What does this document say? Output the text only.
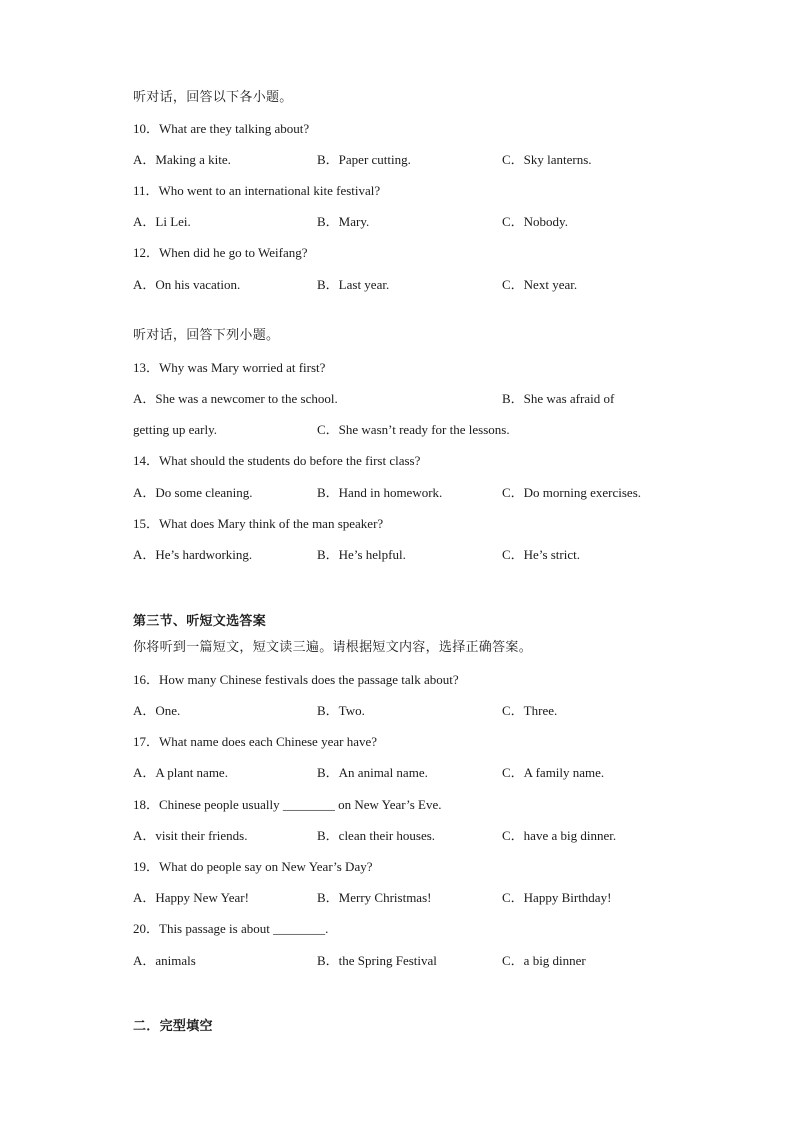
听对话，回答以下各小题。
10．What are they talking about?
A．Making a kite.	B．Paper cutting.	C．Sky lanterns.
11．Who went to an international kite festival?
A．Li Lei.	B．Mary.	C．Nobody.
12．When did he go to Weifang?
A．On his vacation.	B．Last year.	C．Next year.
听对话，回答下列小题。
13．Why was Mary worried at first?
A．She was a newcomer to the school.	B．She was afraid of
getting up early.	C．She wasn’t ready for the lessons.
14．What should the students do before the first class?
A．Do some cleaning.	B．Hand in homework.	C．Do morning exercises.
15．What does Mary think of the man speaker?
A．He’s hardworking.	B．He’s helpful.	C．He’s strict.
第三节、听短文选答案
你将听到一篇短文，短文读三遍。请根据短文内容，选择正确答案。
16．How many Chinese festivals does the passage talk about?
A．One.	B．Two.	C．Three.
17．What name does each Chinese year have?
A．A plant name.	B．An animal name.	C．A family name.
18．Chinese people usually ________ on New Year’s Eve.
A．visit their friends.	B．clean their houses.	C．have a big dinner.
19．What do people say on New Year’s Day?
A．Happy New Year!	B．Merry Christmas!	C．Happy Birthday!
20．This passage is about ________.
A．animals	B．the Spring Festival	C．a big dinner
二．完型填空
